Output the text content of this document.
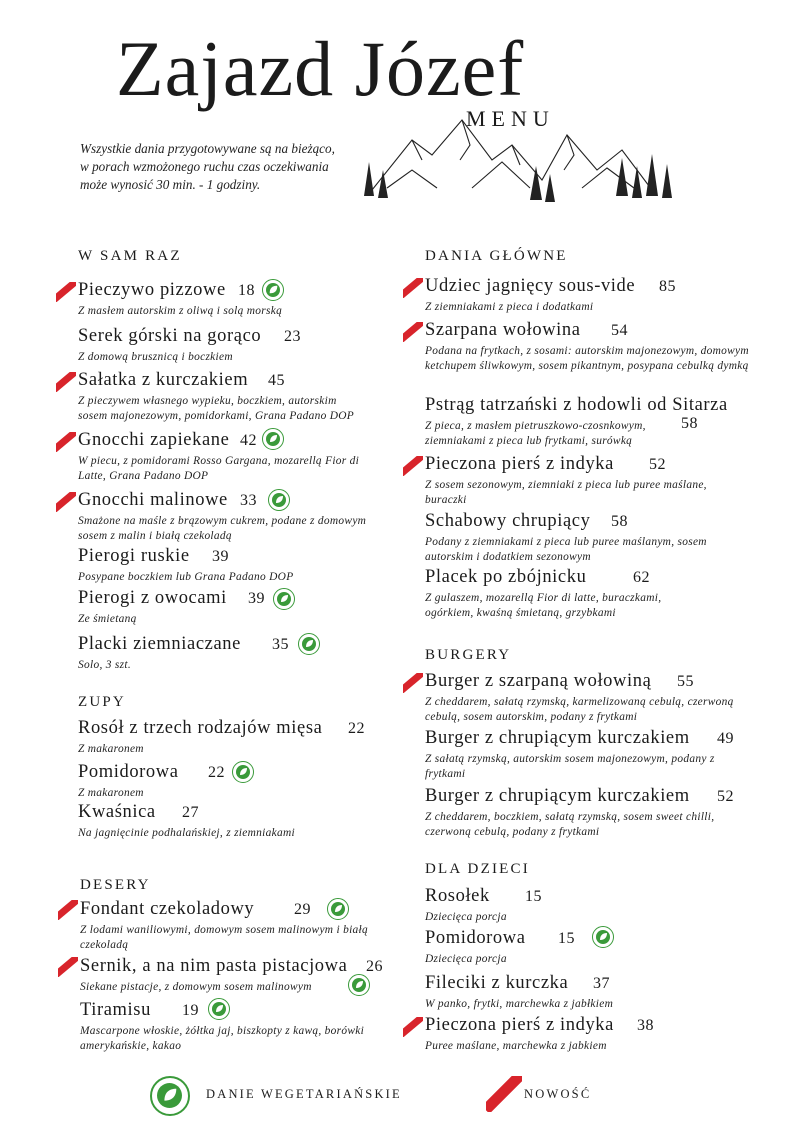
Zajazd Józef
MENU
Wszystkie dania przygotowywane są na bieżąco, w porach wzmożonego ruchu czas oczekiwania może wynosić 30 min. - 1 godziny.
W SAM RAZ
Pieczywo pizzowe 18
Z masłem autorskim z oliwą i solą morską
Serek górski na gorąco 23
Z domową brusznicą i boczkiem
Sałatka z kurczakiem 45
Z pieczywem własnego wypieku, boczkiem, autorskim sosem majonezowym, pomidorkami, Grana Padano DOP
Gnocchi zapiekane 42
W piecu, z pomidorami Rosso Gargana, mozarellą Fior di Latte, Grana Padano DOP
Gnocchi malinowe 33
Smażone na maśle z brązowym cukrem, podane z domowym sosem z malin i białą czekoladą
Pierogi ruskie 39
Posypane boczkiem lub Grana Padano DOP
Pierogi z owocami 39
Ze śmietaną
Placki ziemniaczane 35
Solo, 3 szt.
ZUPY
Rosół z trzech rodzajów mięsa 22
Z makaronem
Pomidorowa 22
Z makaronem
Kwaśnica 27
Na jagnięcinie podhalańskiej, z ziemniakami
DESERY
Fondant czekoladowy 29
Z lodami waniliowymi, domowym sosem malinowym i białą czekoladą
Sernik, a na nim pasta pistacjowa 26
Siekane pistacje, z domowym sosem malinowym
Tiramisu 19
Mascarpone włoskie, żółtka jaj, biszkopty z kawą, borówki amerykańskie, kakao
DANIA GŁÓWNE
Udziec jagnięcy sous-vide 85
Z ziemniakami z pieca i dodatkami
Szarpana wołowina 54
Podana na frytkach, z sosami: autorskim majonezowym, domowym ketchupem śliwkowym, sosem pikantnym, posypana cebulką dymką
Pstrąg tatrzański z hodowli od Sitarza
Z pieca, z masłem pietruszkowo-czosnkowym, ziemniakami z pieca lub frytkami, surówką
58
Pieczona pierś z indyka 52
Z sosem sezonowym, ziemniaki z pieca lub puree maślane, buraczki
Schabowy chrupiący 58
Podany z ziemniakami z pieca lub puree maślanym, sosem autorskim i dodatkiem sezonowym
Placek po zbójnicku	62
Z gulaszem, mozarellą Fior di latte, buraczkami, ogórkiem, kwaśną śmietaną, grzybkami
BURGERY
Burger z szarpaną wołowiną 55
Z cheddarem, sałatą rzymską, karmelizowaną cebulą, czerwoną cebulą, sosem autorskim, podany z frytkami
Burger z chrupiącym kurczakiem 49
Z sałatą rzymską, autorskim sosem majonezowym, podany z frytkami
Burger z chrupiącym kurczakiem 52
Z cheddarem, boczkiem, sałatą rzymską, sosem sweet chilli, czerwoną cebulą, podany z frytkami
DLA DZIECI
Rosołek 15
Dziecięca porcja
Pomidorowa 15
Dziecięca porcja
Fileciki z kurczka 37
W panko, frytki, marchewka z jabłkiem
Pieczona pierś z indyka 38
Puree maślane, marchewka z jabkiem
DANIE WEGETARIAŃSKIE	NOWOŚĆ
